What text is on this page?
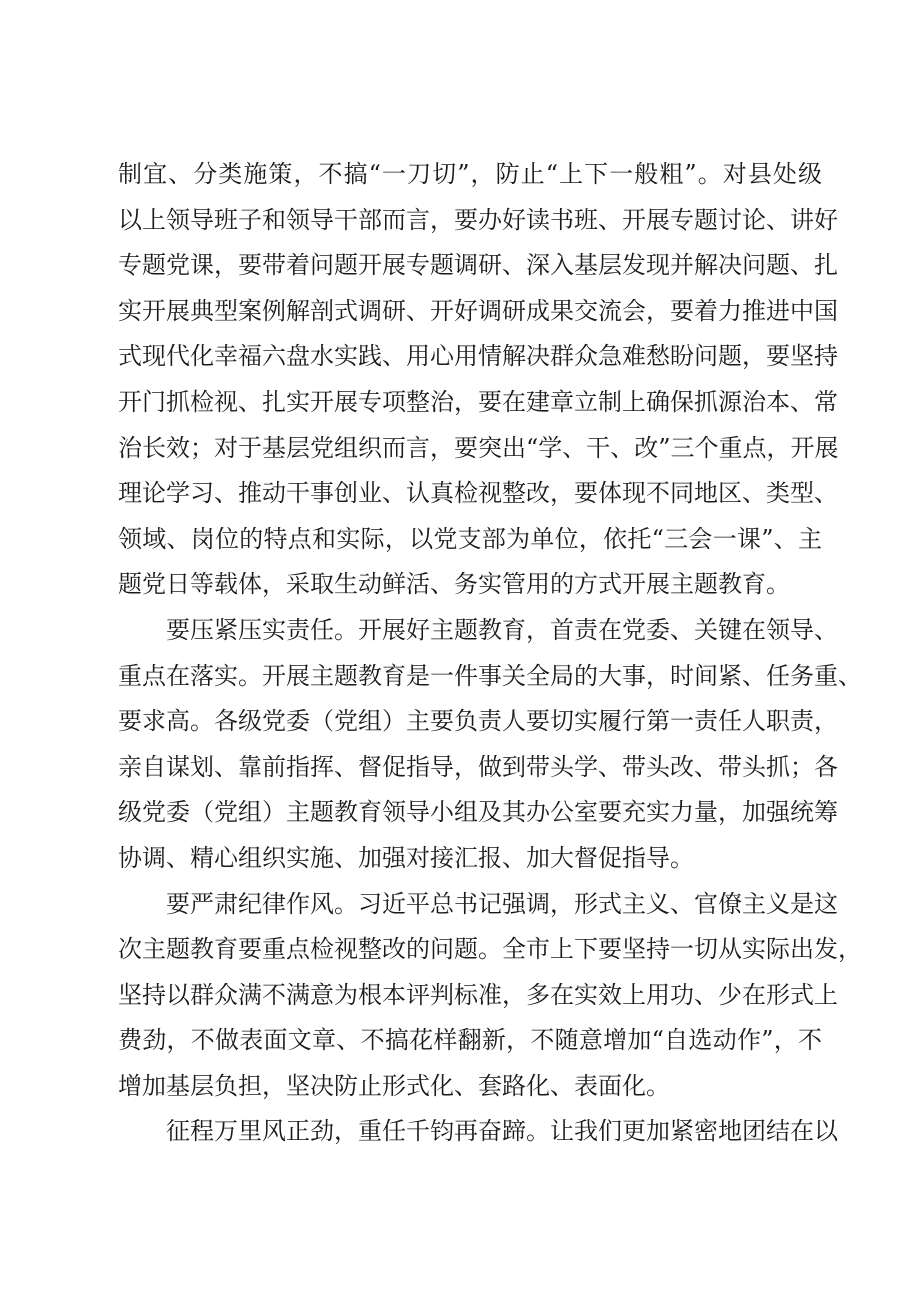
制宜、分类施策，不搞“一刀切”，防止“上下一般粗”。对县处级
以上领导班子和领导干部而言，要办好读书班、开展专题讨论、讲好
专题党课，要带着问题开展专题调研、深入基层发现并解决问题、扎
实开展典型案例解剖式调研、开好调研成果交流会，要着力推进中国
式现代化幸福六盘水实践、用心用情解决群众急难愁盼问题，要坚持
开门抓检视、扎实开展专项整治，要在建章立制上确保抓源治本、常
治长效；对于基层党组织而言，要突出“学、干、改”三个重点，开展
理论学习、推动干事创业、认真检视整改，要体现不同地区、类型、
领域、岗位的特点和实际，以党支部为单位，依托“三会一课”、主
题党日等载体，采取生动鲜活、务实管用的方式开展主题教育。
要压紧压实责任。开展好主题教育，首责在党委、关键在领导、
重点在落实。开展主题教育是一件事关全局的大事，时间紧、任务重、
要求高。各级党委（党组）主要负责人要切实履行第一责任人职责，
亲自谋划、靠前指挥、督促指导，做到带头学、带头改、带头抓；各
级党委（党组）主题教育领导小组及其办公室要充实力量，加强统筹
协调、精心组织实施、加强对接汇报、加大督促指导。
要严肃纪律作风。习近平总书记强调，形式主义、官僚主义是这
次主题教育要重点检视整改的问题。全市上下要坚持一切从实际出发，
坚持以群众满不满意为根本评判标准，多在实效上用功、少在形式上
费劲，不做表面文章、不搞花样翻新，不随意增加“自选动作”，不
增加基层负担，坚决防止形式化、套路化、表面化。
征程万里风正劲，重任千钧再奋蹄。让我们更加紧密地团结在以
